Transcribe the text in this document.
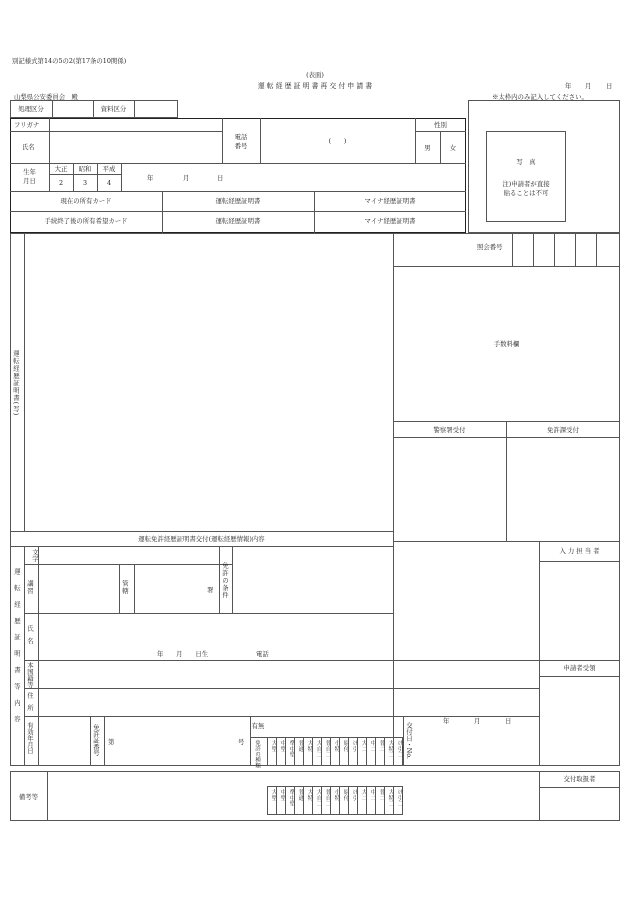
別記様式第14の5の2(第17条の10関係)
(表面)
運 転 経 歴 証 明 書 再 交 付 申 請 書	年 月 日
山梨県公安委員会　殿	※太枠内のみ記入してください。
処理区分	資料区分
フリガナ
氏名
電話
番号
(　　)
性別
男	女
生年
月日
大正	昭和	平成
2	3	4
年	月	日
現在の所有カード	運転経歴証明書	マイナ経歴証明書
手続終了後の所有希望カード	運転経歴証明書	マイナ経歴証明書
写　真
注)申請者が直接
貼ることは不可
運転経歴証明書(写)
照会番号
手数料欄
警察署受付	免許課受付
運転免許経歴証明書交付(運転経歴情報)内容
運転経歴証明書等内容
入 力 担 当 者
申請者受領
文字
講習	管轄	署 免許の条件
氏名
年　　月　　日生	電話
本国籍等
住所
有効年月日	免許証番号 第	号
有無
免許の種類	交付日・No.
年	月	日
大型 中型 準中型 普通 大特 大自二 普自二 小特 原付 け引 大二 中二 普二 大特二 け引二
備考等
交付取扱者
大型 中型 準中型 普通 大特 大自二 普自二 小特 原付 け引 大二 中二 普二 大特二 け引二
